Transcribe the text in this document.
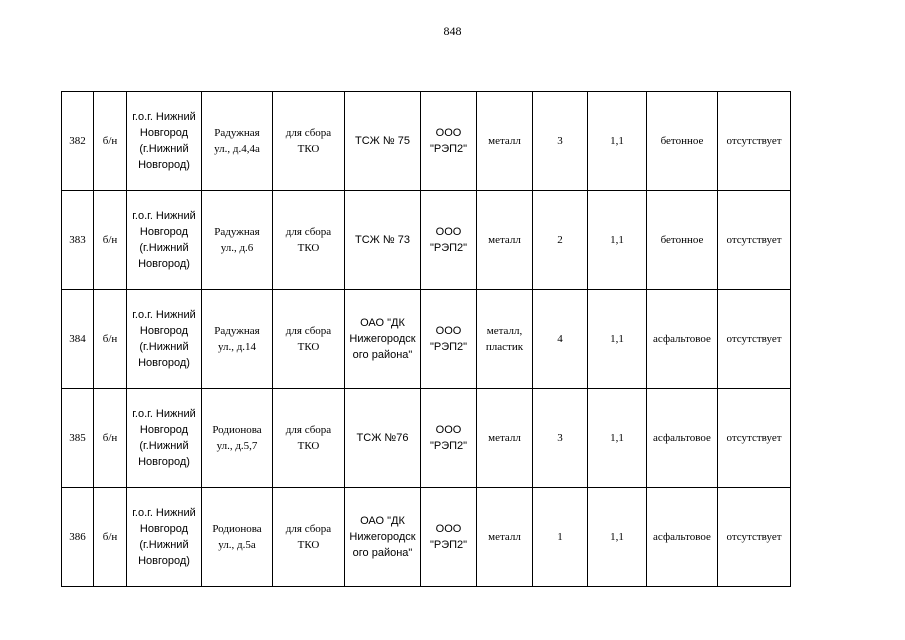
848
382	б/н	г.о.г. Нижний
Новгород
(г.Нижний
Новгород)	Радужная
ул., д.4,4а	для сбора
ТКО	ТСЖ № 75	ООО
"РЭП2"	металл	3	1,1	бетонное	отсутствует
383	б/н	г.о.г. Нижний
Новгород
(г.Нижний
Новгород)	Радужная
ул., д.6	для сбора
ТКО	ТСЖ № 73	ООО
"РЭП2"	металл	2	1,1	бетонное	отсутствует
384	б/н	г.о.г. Нижний
Новгород
(г.Нижний
Новгород)	Радужная
ул., д.14	для сбора
ТКО	ОАО "ДК
Нижегородск
ого района"	ООО
"РЭП2"	металл,
пластик	4	1,1	асфальтовое	отсутствует
385	б/н	г.о.г. Нижний
Новгород
(г.Нижний
Новгород)	Родионова
ул., д.5,7	для сбора
ТКО	ТСЖ №76	ООО
"РЭП2"	металл	3	1,1	асфальтовое	отсутствует
386	б/н	г.о.г. Нижний
Новгород
(г.Нижний
Новгород)	Родионова
ул., д.5а	для сбора
ТКО	ОАО "ДК
Нижегородск
ого района"	ООО
"РЭП2"	металл	1	1,1	асфальтовое	отсутствует
